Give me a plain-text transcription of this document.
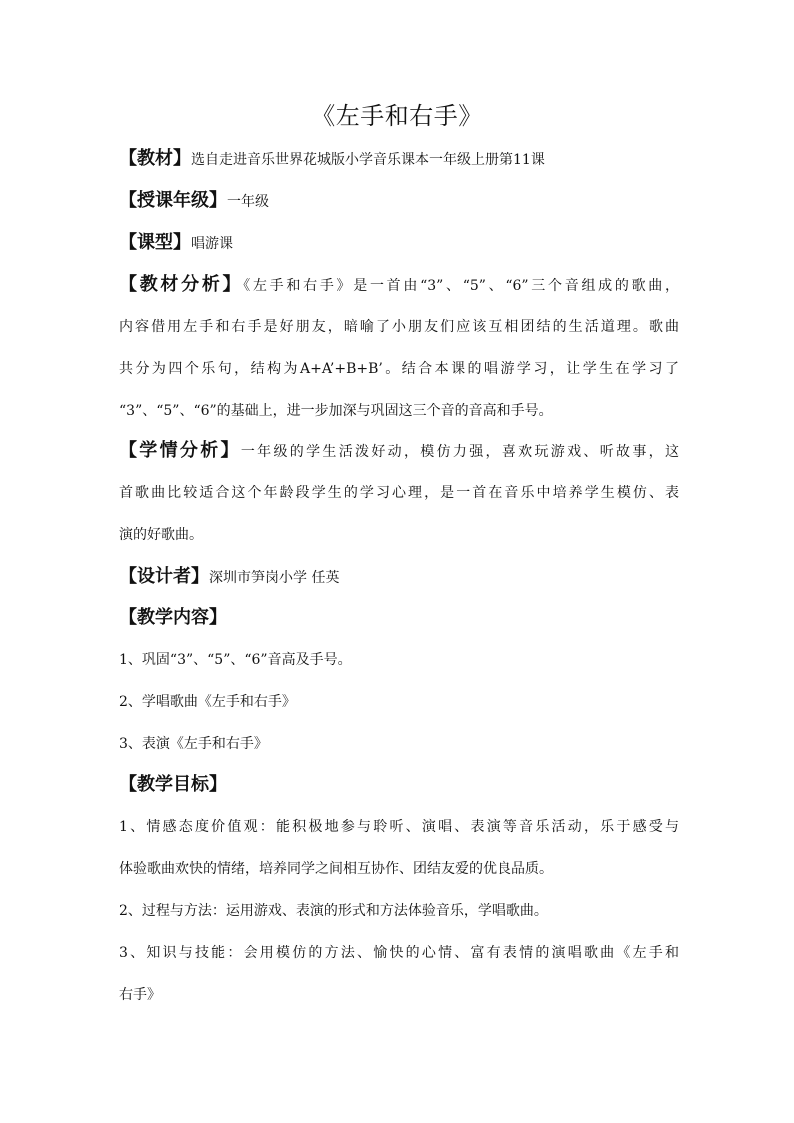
《左手和右手》
【教材】选自走进音乐世界花城版小学音乐课本一年级上册第11课
【授课年级】一年级
【课型】唱游课
【教材分析】《左手和右手》是一首由“3”、“5”、“6”三个音组成的歌曲，
内容借用左手和右手是好朋友，暗喻了小朋友们应该互相团结的生活道理。歌曲
共分为四个乐句，结构为A+A’+B+B’。结合本课的唱游学习，让学生在学习了
“3”、“5”、“6”的基础上，进一步加深与巩固这三个音的音高和手号。
【学情分析】一年级的学生活泼好动，模仿力强，喜欢玩游戏、听故事，这
首歌曲比较适合这个年龄段学生的学习心理，是一首在音乐中培养学生模仿、表
演的好歌曲。
【设计者】深圳市笋岗小学 任英
【教学内容】
1、巩固“3”、“5”、“6”音高及手号。
2、学唱歌曲《左手和右手》
3、表演《左手和右手》
【教学目标】
1、情感态度价值观：能积极地参与聆听、演唱、表演等音乐活动，乐于感受与
体验歌曲欢快的情绪，培养同学之间相互协作、团结友爱的优良品质。
2、过程与方法：运用游戏、表演的形式和方法体验音乐，学唱歌曲。
3、知识与技能：会用模仿的方法、愉快的心情、富有表情的演唱歌曲《左手和
右手》
